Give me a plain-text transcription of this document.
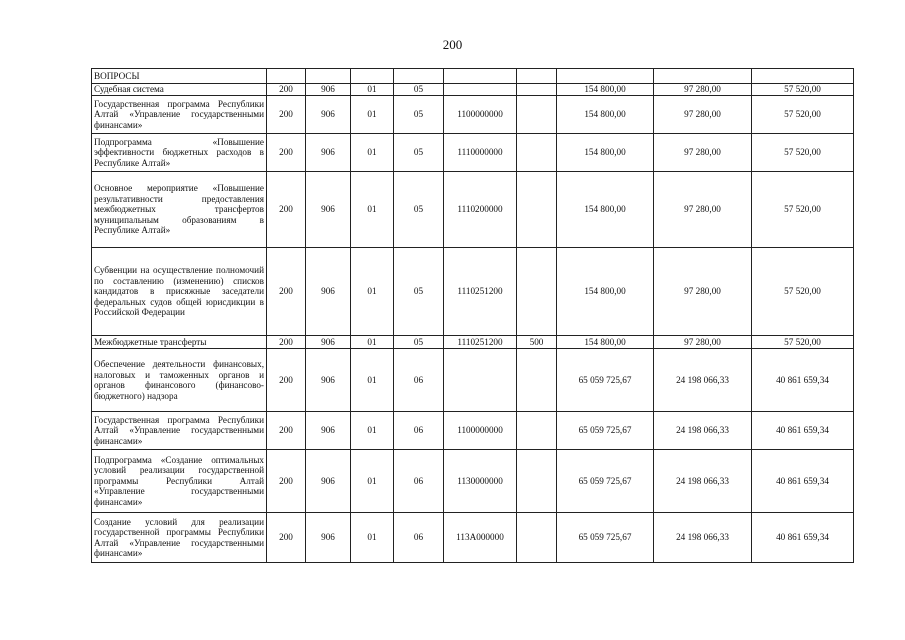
200
ВОПРОСЫ									
Судебная система	200	906	01	05			154 800,00	97 280,00	57 520,00
Государственная программа Республики Алтай «Управление государственными финансами»	200	906	01	05	1100000000		154 800,00	97 280,00	57 520,00
Подпрограмма «Повышение эффективности бюджетных расходов в Республике Алтай»	200	906	01	05	1110000000		154 800,00	97 280,00	57 520,00
Основное мероприятие «Повышение результативности предоставления межбюджетных трансфертов муниципальным образованиям в Республике Алтай»	200	906	01	05	1110200000		154 800,00	97 280,00	57 520,00
Субвенции на осуществление полномочий по составлению (изменению) списков кандидатов в присяжные заседатели федеральных судов общей юрисдикции в Российской Федерации	200	906	01	05	1110251200		154 800,00	97 280,00	57 520,00
Межбюджетные трансферты	200	906	01	05	1110251200	500	154 800,00	97 280,00	57 520,00
Обеспечение деятельности финансовых, налоговых и таможенных органов и органов финансового (финансово-бюджетного) надзора	200	906	01	06			65 059 725,67	24 198 066,33	40 861 659,34
Государственная программа Республики Алтай «Управление государственными финансами»	200	906	01	06	1100000000		65 059 725,67	24 198 066,33	40 861 659,34
Подпрограмма «Создание оптимальных условий реализации государственной программы Республики Алтай «Управление государственными финансами»	200	906	01	06	1130000000		65 059 725,67	24 198 066,33	40 861 659,34
Создание условий для реализации государственной программы Республики Алтай «Управление государственными финансами»	200	906	01	06	113А000000		65 059 725,67	24 198 066,33	40 861 659,34
